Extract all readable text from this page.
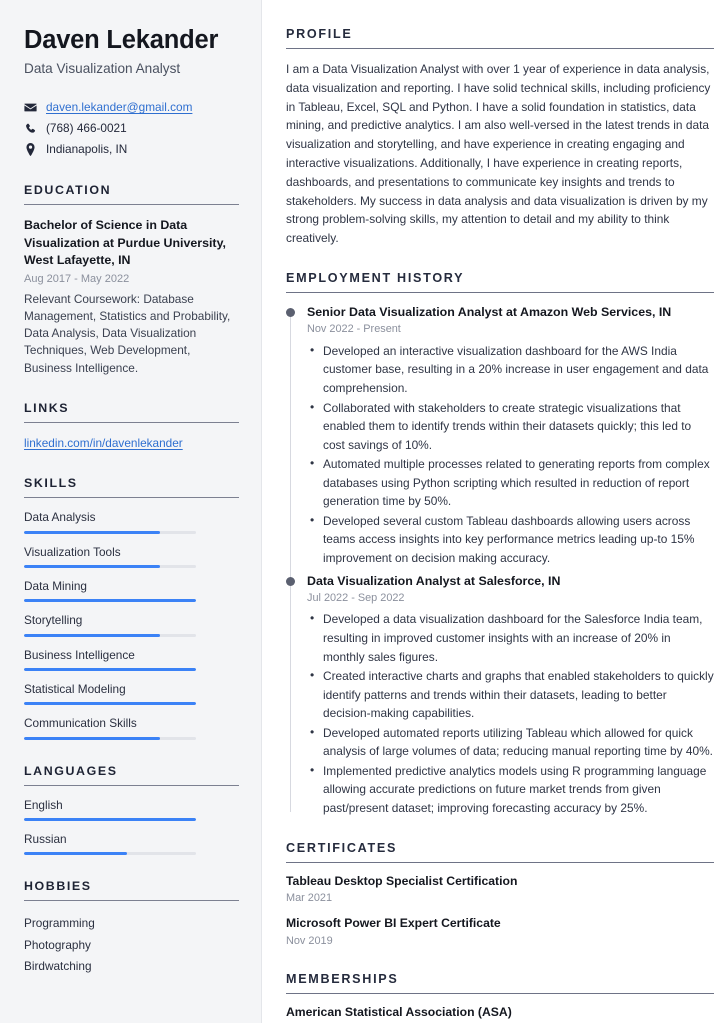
Daven Lekander
Data Visualization Analyst
daven.lekander@gmail.com
(768) 466-0021
Indianapolis, IN
EDUCATION
Bachelor of Science in Data Visualization at Purdue University, West Lafayette, IN
Aug 2017 - May 2022
Relevant Coursework: Database Management, Statistics and Probability, Data Analysis, Data Visualization Techniques, Web Development, Business Intelligence.
LINKS
linkedin.com/in/davenlekander
SKILLS
Data Analysis
Visualization Tools
Data Mining
Storytelling
Business Intelligence
Statistical Modeling
Communication Skills
LANGUAGES
English
Russian
HOBBIES
Programming
Photography
Birdwatching
PROFILE

I am a Data Visualization Analyst with over 1 year of experience in data analysis, data visualization and reporting. I have solid technical skills, including proficiency in Tableau, Excel, SQL and Python. I have a solid foundation in statistics, data mining, and predictive analytics. I am also well-versed in the latest trends in data visualization and storytelling, and have experience in creating engaging and interactive visualizations. Additionally, I have experience in creating reports, dashboards, and presentations to communicate key insights and trends to stakeholders. My success in data analysis and data visualization is driven by my strong problem-solving skills, my attention to detail and my ability to think creatively.

EMPLOYMENT HISTORY
Senior Data Visualization Analyst at Amazon Web Services, IN
Nov 2022 - Present
• Developed an interactive visualization dashboard for the AWS India customer base, resulting in a 20% increase in user engagement and data comprehension.
• Collaborated with stakeholders to create strategic visualizations that enabled them to identify trends within their datasets quickly; this led to cost savings of 10%.
• Automated multiple processes related to generating reports from complex databases using Python scripting which resulted in reduction of report generation time by 50%.
• Developed several custom Tableau dashboards allowing users across teams access insights into key performance metrics leading up-to 15% improvement on decision making accuracy.
Data Visualization Analyst at Salesforce, IN
Jul 2022 - Sep 2022
• Developed a data visualization dashboard for the Salesforce India team, resulting in improved customer insights with an increase of 20% in monthly sales figures.
• Created interactive charts and graphs that enabled stakeholders to quickly identify patterns and trends within their datasets, leading to better decision-making capabilities.
• Developed automated reports utilizing Tableau which allowed for quick analysis of large volumes of data; reducing manual reporting time by 40%.
• Implemented predictive analytics models using R programming language allowing accurate predictions on future market trends from given past/present dataset; improving forecasting accuracy by 25%.
CERTIFICATES
Tableau Desktop Specialist Certification
Mar 2021
Microsoft Power BI Expert Certificate
Nov 2019
MEMBERSHIPS
American Statistical Association (ASA)
